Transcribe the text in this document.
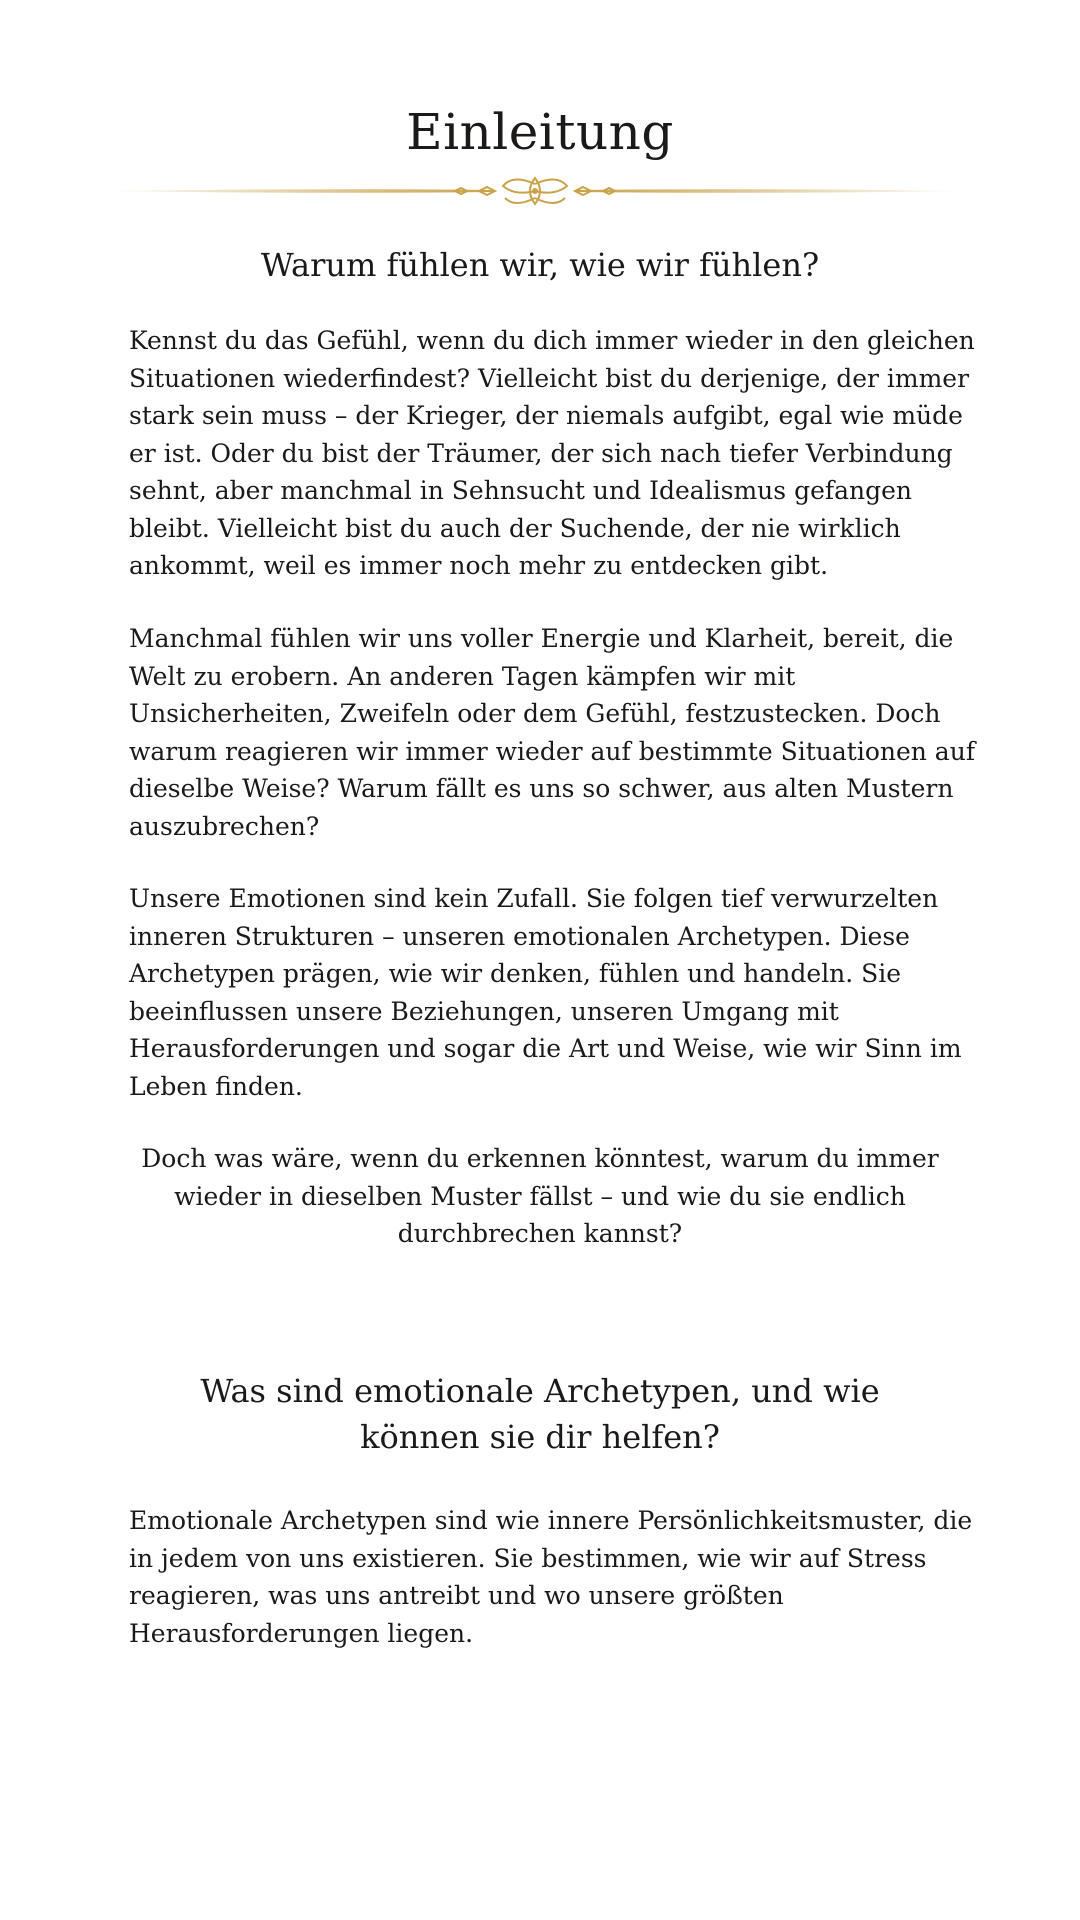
Einleitung
Warum fühlen wir, wie wir fühlen?

Kennst du das Gefühl, wenn du dich immer wieder in den gleichen Situationen wiederfindest? Vielleicht bist du derjenige, der immer stark sein muss – der Krieger, der niemals aufgibt, egal wie müde er ist. Oder du bist der Träumer, der sich nach tiefer Verbindung sehnt, aber manchmal in Sehnsucht und Idealismus gefangen bleibt. Vielleicht bist du auch der Suchende, der nie wirklich ankommt, weil es immer noch mehr zu entdecken gibt.

Manchmal fühlen wir uns voller Energie und Klarheit, bereit, die Welt zu erobern. An anderen Tagen kämpfen wir mit Unsicherheiten, Zweifeln oder dem Gefühl, festzustecken. Doch warum reagieren wir immer wieder auf bestimmte Situationen auf dieselbe Weise? Warum fällt es uns so schwer, aus alten Mustern auszubrechen?

Unsere Emotionen sind kein Zufall. Sie folgen tief verwurzelten inneren Strukturen – unseren emotionalen Archetypen. Diese Archetypen prägen, wie wir denken, fühlen und handeln. Sie beeinflussen unsere Beziehungen, unseren Umgang mit Herausforderungen und sogar die Art und Weise, wie wir Sinn im Leben finden.

Doch was wäre, wenn du erkennen könntest, warum du immer wieder in dieselben Muster fällst – und wie du sie endlich durchbrechen kannst?

Was sind emotionale Archetypen, und wie können sie dir helfen?

Emotionale Archetypen sind wie innere Persönlichkeitsmuster, die in jedem von uns existieren. Sie bestimmen, wie wir auf Stress reagieren, was uns antreibt und wo unsere größten Herausforderungen liegen.
